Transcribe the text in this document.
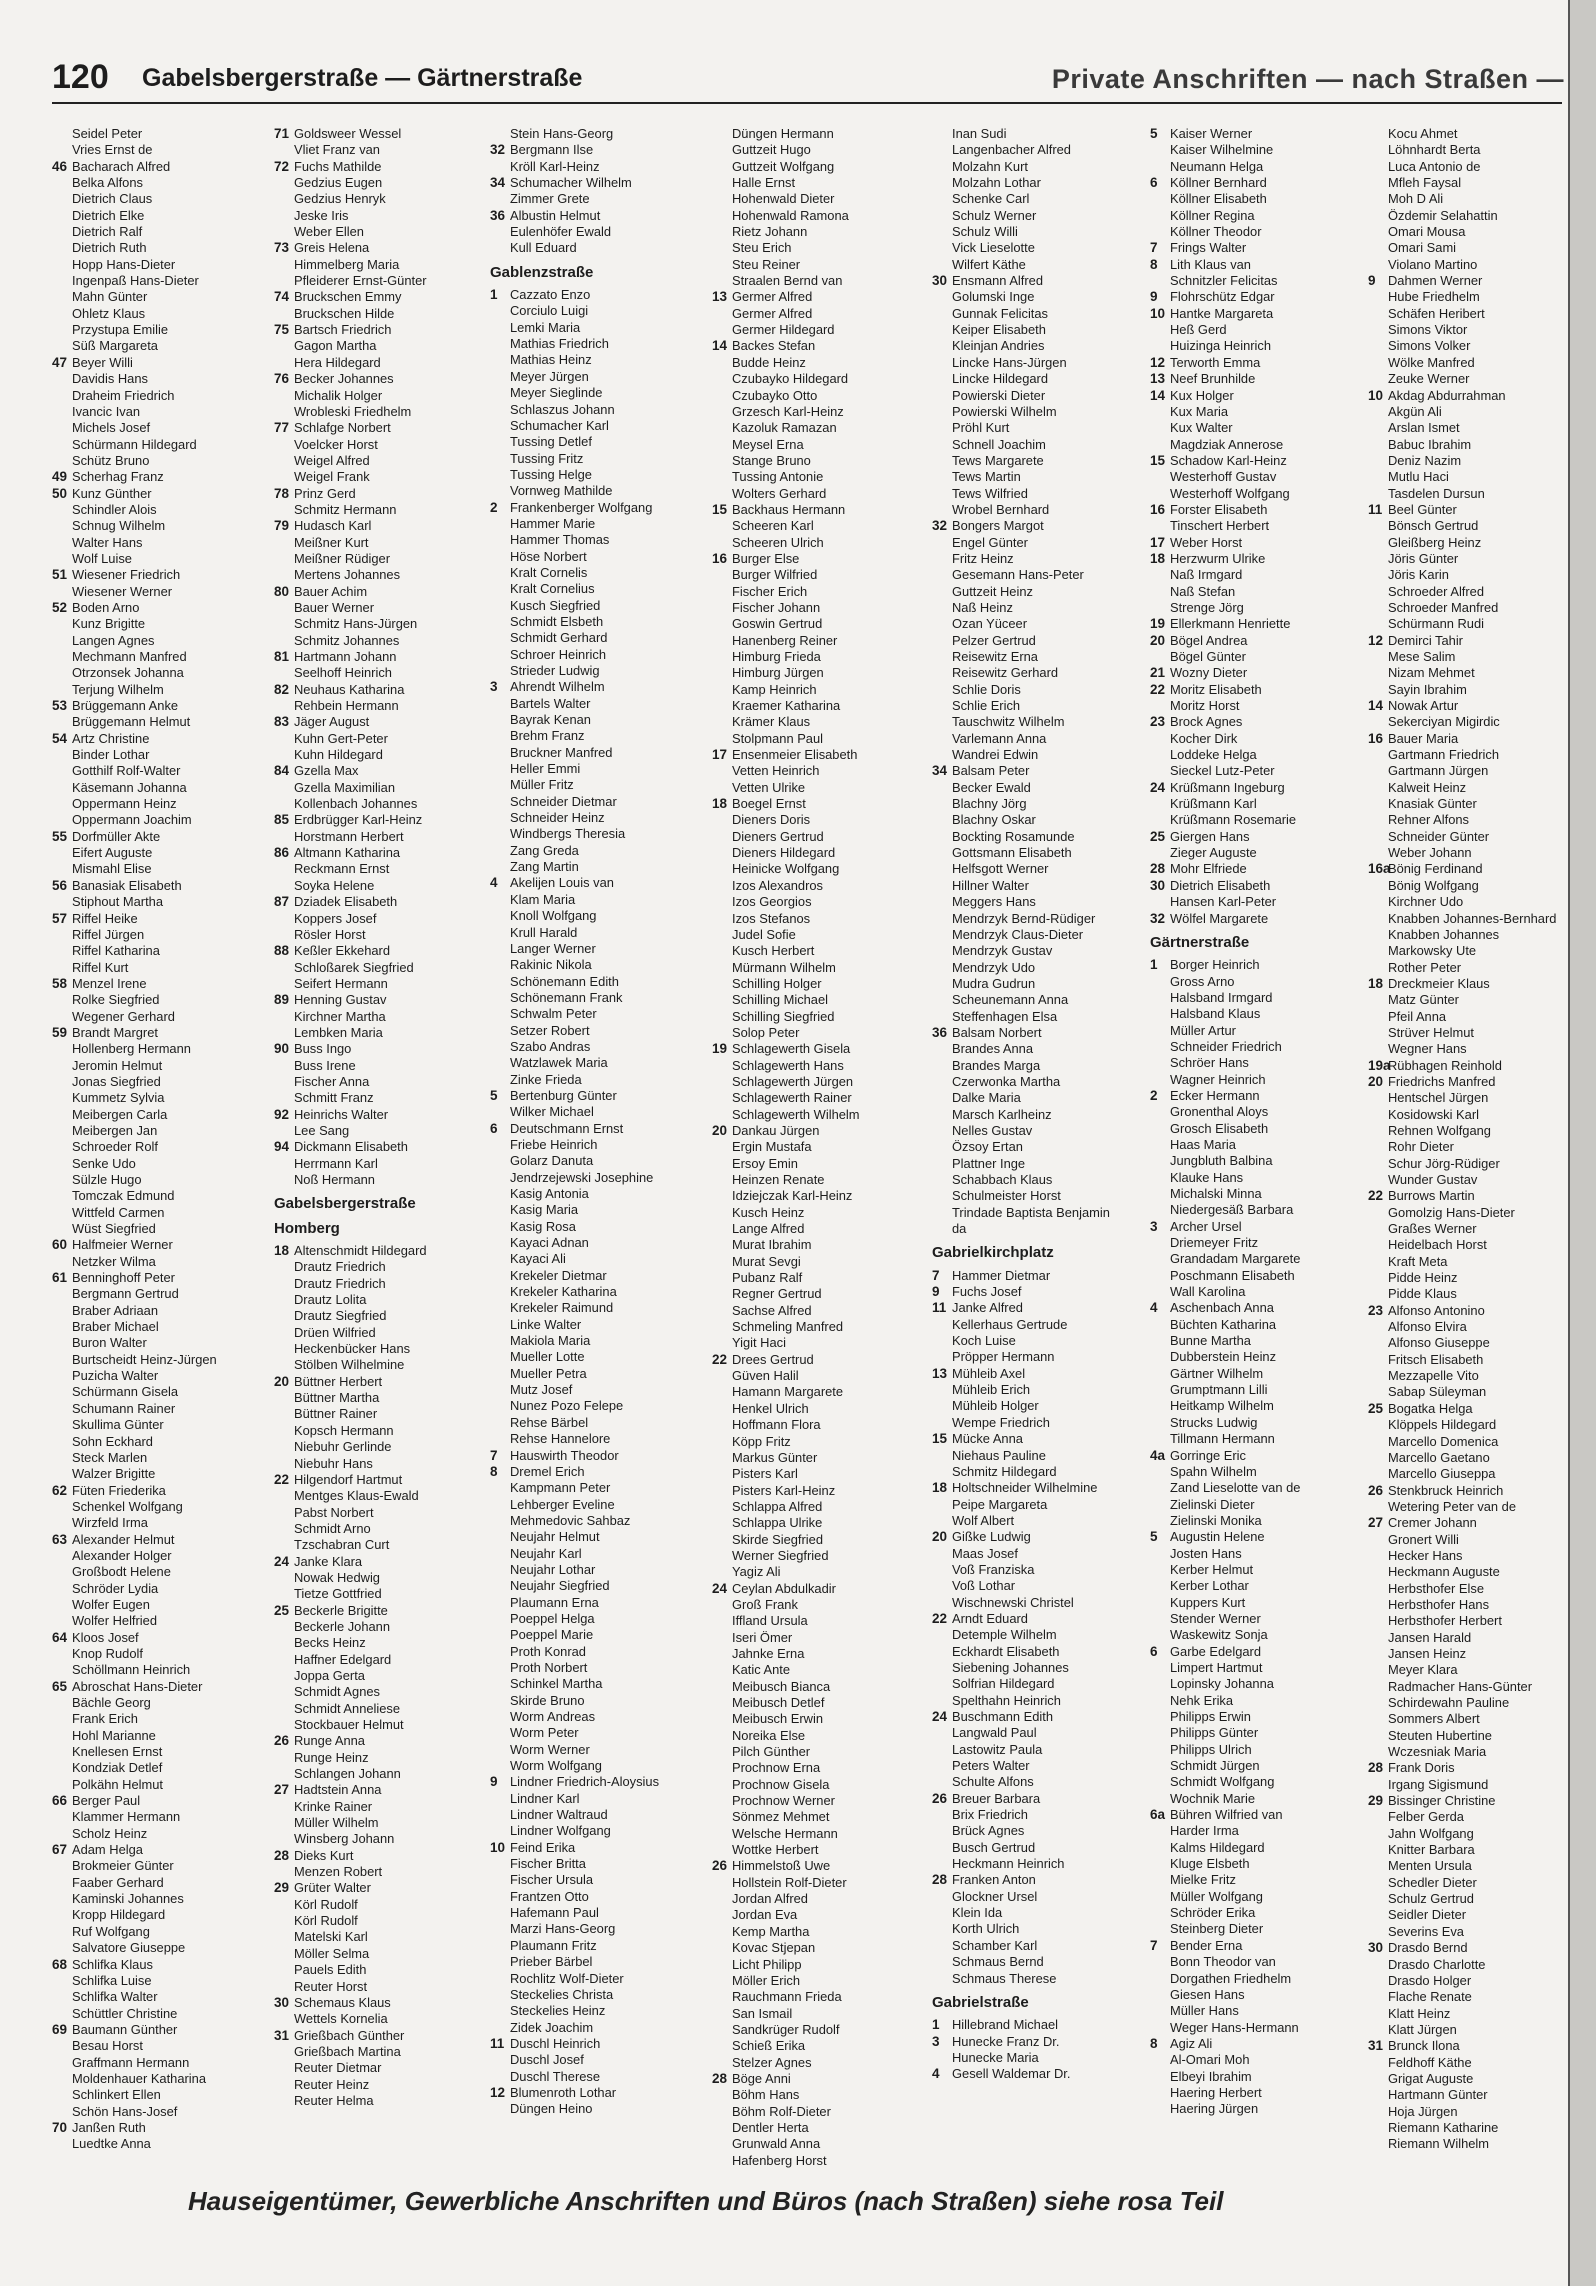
120 Gabelsbergerstraße — Gärtnerstraße	Private Anschriften — nach Straßen —
Seidel Peter
Vries Ernst de
46 Bacharach Alfred
Belka Alfons
Dietrich Claus
Dietrich Elke
Dietrich Ralf
Dietrich Ruth
Hopp Hans-Dieter
Ingenpaß Hans-Dieter
Mahn Günter
Ohletz Klaus
Przystupa Emilie
Süß Margareta
47 Beyer Willi
Davidis Hans
Draheim Friedrich
Ivancic Ivan
Michels Josef
Schürmann Hildegard
Schütz Bruno
49 Scherhag Franz
50 Kunz Günther
Schindler Alois
Schnug Wilhelm
Walter Hans
Wolf Luise
51 Wiesener Friedrich
Wiesener Werner
52 Boden Arno
Kunz Brigitte
Langen Agnes
Mechmann Manfred
Otrzonsek Johanna
Terjung Wilhelm
53 Brüggemann Anke
Brüggemann Helmut
54 Artz Christine
Binder Lothar
Gotthilf Rolf-Walter
Käsemann Johanna
Oppermann Heinz
Oppermann Joachim
55 Dorfmüller Akte
Eifert Auguste
Mismahl Elise
56 Banasiak Elisabeth
Stiphout Martha
57 Riffel Heike
Riffel Jürgen
Riffel Katharina
Riffel Kurt
58 Menzel Irene
Rolke Siegfried
Wegener Gerhard
59 Brandt Margret
Hollenberg Hermann
Jeromin Helmut
Jonas Siegfried
Kummetz Sylvia
Meibergen Carla
Meibergen Jan
Schroeder Rolf
Senke Udo
Sülzle Hugo
Tomczak Edmund
Wittfeld Carmen
Wüst Siegfried
60 Halfmeier Werner
Netzker Wilma
61 Benninghoff Peter
Bergmann Gertrud
Braber Adriaan
Braber Michael
Buron Walter
Burtscheidt Heinz-Jürgen
Puzicha Walter
Schürmann Gisela
Schumann Rainer
Skullima Günter
Sohn Eckhard
Steck Marlen
Walzer Brigitte
62 Füten Friederika
Schenkel Wolfgang
Wirzfeld Irma
63 Alexander Helmut
Alexander Holger
Großbodt Helene
Schröder Lydia
Wolfer Eugen
Wolfer Helfried
64 Kloos Josef
Knop Rudolf
Schöllmann Heinrich
65 Abroschat Hans-Dieter
Bächle Georg
Frank Erich
Hohl Marianne
Knellesen Ernst
Kondziak Detlef
Polkähn Helmut
66 Berger Paul
Klammer Hermann
Scholz Heinz
67 Adam Helga
Brokmeier Günter
Faaber Gerhard
Kaminski Johannes
Kropp Hildegard
Ruf Wolfgang
Salvatore Giuseppe
68 Schlifka Klaus
Schlifka Luise
Schlifka Walter
Schüttler Christine
69 Baumann Günther
Besau Horst
Graffmann Hermann
Moldenhauer Katharina
Schlinkert Ellen
Schön Hans-Josef
70 Janßen Ruth
Luedtke Anna
71 Goldsweer Wessel
Vliet Franz van
72 Fuchs Mathilde
Gedzius Eugen
Gedzius Henryk
Jeske Iris
Weber Ellen
73 Greis Helena
Himmelberg Maria
Pfleiderer Ernst-Günter
74 Bruckschen Emmy
Bruckschen Hilde
75 Bartsch Friedrich
Gagon Martha
Hera Hildegard
76 Becker Johannes
Michalik Holger
Wrobleski Friedhelm
77 Schlafge Norbert
Voelcker Horst
Weigel Alfred
Weigel Frank
78 Prinz Gerd
Schmitz Hermann
79 Hudasch Karl
Meißner Kurt
Meißner Rüdiger
Mertens Johannes
80 Bauer Achim
Bauer Werner
Schmitz Hans-Jürgen
Schmitz Johannes
81 Hartmann Johann
Seelhoff Heinrich
82 Neuhaus Katharina
Rehbein Hermann
83 Jäger August
Kuhn Gert-Peter
Kuhn Hildegard
84 Gzella Max
Gzella Maximilian
Kollenbach Johannes
85 Erdbrügger Karl-Heinz
Horstmann Herbert
86 Altmann Katharina
Reckmann Ernst
Soyka Helene
87 Dziadek Elisabeth
Koppers Josef
Rösler Horst
88 Keßler Ekkehard
Schloßarek Siegfried
Seifert Hermann
89 Henning Gustav
Kirchner Martha
Lembken Maria
90 Buss Ingo
Buss Irene
Fischer Anna
Schmitt Franz
92 Heinrichs Walter
Lee Sang
94 Dickmann Elisabeth
Herrmann Karl
Noß Hermann
Gabelsbergerstraße
Homberg
18 Altenschmidt Hildegard
Drautz Friedrich
Drautz Friedrich
Drautz Lolita
Drautz Siegfried
Drüen Wilfried
Heckenbücker Hans
Stölben Wilhelmine
20 Büttner Herbert
Büttner Martha
Büttner Rainer
Kopsch Hermann
Niebuhr Gerlinde
Niebuhr Hans
22 Hilgendorf Hartmut
Mentges Klaus-Ewald
Pabst Norbert
Schmidt Arno
Tzschabran Curt
24 Janke Klara
Nowak Hedwig
Tietze Gottfried
25 Beckerle Brigitte
Beckerle Johann
Becks Heinz
Haffner Edelgard
Joppa Gerta
Schmidt Agnes
Schmidt Anneliese
Stockbauer Helmut
26 Runge Anna
Runge Heinz
Schlangen Johann
27 Hadtstein Anna
Krinke Rainer
Müller Wilhelm
Winsberg Johann
28 Dieks Kurt
Menzen Robert
29 Grüter Walter
Körl Rudolf
Körl Rudolf
Matelski Karl
Möller Selma
Pauels Edith
Reuter Horst
30 Schemaus Klaus
Wettels Kornelia
31 Grießbach Günther
Grießbach Martina
Reuter Dietmar
Reuter Heinz
Reuter Helma
Stein Hans-Georg
32 Bergmann Ilse
Kröll Karl-Heinz
34 Schumacher Wilhelm
Zimmer Grete
36 Albustin Helmut
Eulenhöfer Ewald
Kull Eduard
Gablenzstraße
1 Cazzato Enzo
Corciulo Luigi
Lemki Maria
Mathias Friedrich
Mathias Heinz
Meyer Jürgen
Meyer Sieglinde
Schlaszus Johann
Schumacher Karl
Tussing Detlef
Tussing Fritz
Tussing Helge
Vornweg Mathilde
2 Frankenberger Wolfgang
Hammer Marie
Hammer Thomas
Höse Norbert
Kralt Cornelis
Kralt Cornelius
Kusch Siegfried
Schmidt Elsbeth
Schmidt Gerhard
Schroer Heinrich
Strieder Ludwig
3 Ahrendt Wilhelm
Bartels Walter
Bayrak Kenan
Brehm Franz
Bruckner Manfred
Heller Emmi
Müller Fritz
Schneider Dietmar
Schneider Heinz
Windbergs Theresia
Zang Greda
Zang Martin
4 Akelijen Louis van
Klam Maria
Knoll Wolfgang
Krull Harald
Langer Werner
Rakinic Nikola
Schönemann Edith
Schönemann Frank
Schwalm Peter
Setzer Robert
Szabo Andras
Watzlawek Maria
Zinke Frieda
5 Bertenburg Günter
Wilker Michael
6 Deutschmann Ernst
Friebe Heinrich
Golarz Danuta
Jendrzejewski Josephine
Kasig Antonia
Kasig Maria
Kasig Rosa
Kayaci Adnan
Kayaci Ali
Krekeler Dietmar
Krekeler Katharina
Krekeler Raimund
Linke Walter
Makiola Maria
Mueller Lotte
Mueller Petra
Mutz Josef
Nunez Pozo Felepe
Rehse Bärbel
Rehse Hannelore
7 Hauswirth Theodor
8 Dremel Erich
Kampmann Peter
Lehberger Eveline
Mehmedovic Sahbaz
Neujahr Helmut
Neujahr Karl
Neujahr Lothar
Neujahr Siegfried
Plaumann Erna
Poeppel Helga
Poeppel Marie
Proth Konrad
Proth Norbert
Schinkel Martha
Skirde Bruno
Worm Andreas
Worm Peter
Worm Werner
Worm Wolfgang
9 Lindner Friedrich-Aloysius
Lindner Karl
Lindner Waltraud
Lindner Wolfgang
10 Feind Erika
Fischer Britta
Fischer Ursula
Frantzen Otto
Hafemann Paul
Marzi Hans-Georg
Plaumann Fritz
Prieber Bärbel
Rochlitz Wolf-Dieter
Steckelies Christa
Steckelies Heinz
Zidek Joachim
11 Duschl Heinrich
Duschl Josef
Duschl Therese
12 Blumenroth Lothar
Düngen Heino
Düngen Hermann
Guttzeit Hugo
Guttzeit Wolfgang
Halle Ernst
Hohenwald Dieter
Hohenwald Ramona
Rietz Johann
Steu Erich
Steu Reiner
Straalen Bernd van
13 Germer Alfred
Germer Alfred
Germer Hildegard
14 Backes Stefan
Budde Heinz
Czubayko Hildegard
Czubayko Otto
Grzesch Karl-Heinz
Kazoluk Ramazan
Meysel Erna
Stange Bruno
Tussing Antonie
Wolters Gerhard
15 Backhaus Hermann
Scheeren Karl
Scheeren Ulrich
16 Burger Else
Burger Wilfried
Fischer Erich
Fischer Johann
Goswin Gertrud
Hanenberg Reiner
Himburg Frieda
Himburg Jürgen
Kamp Heinrich
Kraemer Katharina
Krämer Klaus
Stolpmann Paul
17 Ensenmeier Elisabeth
Vetten Heinrich
Vetten Ulrike
18 Boegel Ernst
Dieners Doris
Dieners Gertrud
Dieners Hildegard
Heinicke Wolfgang
Izos Alexandros
Izos Georgios
Izos Stefanos
Judel Sofie
Kusch Herbert
Mürmann Wilhelm
Schilling Holger
Schilling Michael
Schilling Siegfried
Solop Peter
19 Schlagewerth Gisela
Schlagewerth Hans
Schlagewerth Jürgen
Schlagewerth Rainer
Schlagewerth Wilhelm
20 Dankau Jürgen
Ergin Mustafa
Ersoy Emin
Heinzen Renate
Idziejczak Karl-Heinz
Kusch Heinz
Lange Alfred
Murat Ibrahim
Murat Sevgi
Pubanz Ralf
Regner Gertrud
Sachse Alfred
Schmeling Manfred
Yigit Haci
22 Drees Gertrud
Güven Halil
Hamann Margarete
Henkel Ulrich
Hoffmann Flora
Köpp Fritz
Markus Günter
Pisters Karl
Pisters Karl-Heinz
Schlappa Alfred
Schlappa Ulrike
Skirde Siegfried
Werner Siegfried
Yagiz Ali
24 Ceylan Abdulkadir
Groß Frank
Iffland Ursula
Iseri Ömer
Jahnke Erna
Katic Ante
Meibusch Bianca
Meibusch Detlef
Meibusch Erwin
Noreika Else
Pilch Günther
Prochnow Erna
Prochnow Gisela
Prochnow Werner
Sönmez Mehmet
Welsche Hermann
Wottke Herbert
26 Himmelstoß Uwe
Hollstein Rolf-Dieter
Jordan Alfred
Jordan Eva
Kemp Martha
Kovac Stjepan
Licht Philipp
Möller Erich
Rauchmann Frieda
San Ismail
Sandkrüger Rudolf
Schieß Erika
Stelzer Agnes
28 Böge Anni
Böhm Hans
Böhm Rolf-Dieter
Dentler Herta
Grunwald Anna
Hafenberg Horst
Inan Sudi
Langenbacher Alfred
Molzahn Kurt
Molzahn Lothar
Schenke Carl
Schulz Werner
Schulz Willi
Vick Lieselotte
Wilfert Käthe
30 Ensmann Alfred
Golumski Inge
Gunnak Felicitas
Keiper Elisabeth
Kleinjan Andries
Lincke Hans-Jürgen
Lincke Hildegard
Powierski Dieter
Powierski Wilhelm
Pröhl Kurt
Schnell Joachim
Tews Margarete
Tews Martin
Tews Wilfried
Wrobel Bernhard
32 Bongers Margot
Engel Günter
Fritz Heinz
Gesemann Hans-Peter
Guttzeit Heinz
Naß Heinz
Ozan Yüceer
Pelzer Gertrud
Reisewitz Erna
Reisewitz Gerhard
Schlie Doris
Schlie Erich
Tauschwitz Wilhelm
Varlemann Anna
Wandrei Edwin
34 Balsam Peter
Becker Ewald
Blachny Jörg
Blachny Oskar
Bockting Rosamunde
Gottsmann Elisabeth
Helfsgott Werner
Hillner Walter
Meggers Hans
Mendrzyk Bernd-Rüdiger
Mendrzyk Claus-Dieter
Mendrzyk Gustav
Mendrzyk Udo
Mudra Gudrun
Scheunemann Anna
Steffenhagen Elsa
36 Balsam Norbert
Brandes Anna
Brandes Marga
Czerwonka Martha
Dalke Maria
Marsch Karlheinz
Nelles Gustav
Özsoy Ertan
Plattner Inge
Schabbach Klaus
Schulmeister Horst
Trindade Baptista Benjamin
da
Gabrielkirchplatz
7 Hammer Dietmar
9 Fuchs Josef
11 Janke Alfred
Kellerhaus Gertrude
Koch Luise
Pröpper Hermann
13 Mühleib Axel
Mühleib Erich
Mühleib Holger
Wempe Friedrich
15 Mücke Anna
Niehaus Pauline
Schmitz Hildegard
18 Holtschneider Wilhelmine
Peipe Margareta
Wolf Albert
20 Gißke Ludwig
Maas Josef
Voß Franziska
Voß Lothar
Wischnewski Christel
22 Arndt Eduard
Detemple Wilhelm
Eckhardt Elisabeth
Siebening Johannes
Solfrian Hildegard
Spelthahn Heinrich
24 Buschmann Edith
Langwald Paul
Lastowitz Paula
Peters Walter
Schulte Alfons
26 Breuer Barbara
Brix Friedrich
Brück Agnes
Busch Gertrud
Heckmann Heinrich
28 Franken Anton
Glockner Ursel
Klein Ida
Korth Ulrich
Schamber Karl
Schmaus Bernd
Schmaus Therese
Gabrielstraße
1 Hillebrand Michael
3 Hunecke Franz Dr.
Hunecke Maria
4 Gesell Waldemar Dr.
5 Kaiser Werner
Kaiser Wilhelmine
Neumann Helga
6 Köllner Bernhard
Köllner Elisabeth
Köllner Regina
Köllner Theodor
7 Frings Walter
8 Lith Klaus van
Schnitzler Felicitas
9 Flohrschütz Edgar
10 Hantke Margareta
Heß Gerd
Huizinga Heinrich
12 Terworth Emma
13 Neef Brunhilde
14 Kux Holger
Kux Maria
Kux Walter
Magdziak Annerose
15 Schadow Karl-Heinz
Westerhoff Gustav
Westerhoff Wolfgang
16 Forster Elisabeth
Tinschert Herbert
17 Weber Horst
18 Herzwurm Ulrike
Naß Irmgard
Naß Stefan
Strenge Jörg
19 Ellerkmann Henriette
20 Bögel Andrea
Bögel Günter
21 Wozny Dieter
22 Moritz Elisabeth
Moritz Horst
23 Brock Agnes
Kocher Dirk
Loddeke Helga
Sieckel Lutz-Peter
24 Krüßmann Ingeburg
Krüßmann Karl
Krüßmann Rosemarie
25 Giergen Hans
Zieger Auguste
28 Mohr Elfriede
30 Dietrich Elisabeth
Hansen Karl-Peter
32 Wölfel Margarete
Gärtnerstraße
1 Borger Heinrich
Gross Arno
Halsband Irmgard
Halsband Klaus
Müller Artur
Schneider Friedrich
Schröer Hans
Wagner Heinrich
2 Ecker Hermann
Gronenthal Aloys
Grosch Elisabeth
Haas Maria
Jungbluth Balbina
Klauke Hans
Michalski Minna
Niedergesäß Barbara
3 Archer Ursel
Driemeyer Fritz
Grandadam Margarete
Poschmann Elisabeth
Wall Karolina
4 Aschenbach Anna
Büchten Katharina
Bunne Martha
Dubberstein Heinz
Gärtner Wilhelm
Grumptmann Lilli
Heitkamp Wilhelm
Strucks Ludwig
Tillmann Hermann
4a Gorringe Eric
Spahn Wilhelm
Zand Lieselotte van de
Zielinski Dieter
Zielinski Monika
5 Augustin Helene
Josten Hans
Kerber Helmut
Kerber Lothar
Kuppers Kurt
Stender Werner
Waskewitz Sonja
6 Garbe Edelgard
Limpert Hartmut
Lopinsky Johanna
Nehk Erika
Philipps Erwin
Philipps Günter
Philipps Ulrich
Schmidt Jürgen
Schmidt Wolfgang
Wochnik Marie
6a Bühren Wilfried van
Harder Irma
Kalms Hildegard
Kluge Elsbeth
Mielke Fritz
Müller Wolfgang
Schröder Erika
Steinberg Dieter
7 Bender Erna
Bonn Theodor van
Dorgathen Friedhelm
Giesen Hans
Müller Hans
Weger Hans-Hermann
8 Agiz Ali
Al-Omari Moh
Elbeyi Ibrahim
Haering Herbert
Haering Jürgen
Kocu Ahmet
Löhnhardt Berta
Luca Antonio de
Mfleh Faysal
Moh D Ali
Özdemir Selahattin
Omari Mousa
Omari Sami
Violano Martino
9 Dahmen Werner
Hube Friedhelm
Schäfen Heribert
Simons Viktor
Simons Volker
Wölke Manfred
Zeuke Werner
10 Akdag Abdurrahman
Akgün Ali
Arslan Ismet
Babuc Ibrahim
Deniz Nazim
Mutlu Haci
Tasdelen Dursun
11 Beel Günter
Bönsch Gertrud
Gleißberg Heinz
Jöris Günter
Jöris Karin
Schroeder Alfred
Schroeder Manfred
Schürmann Rudi
12 Demirci Tahir
Mese Salim
Nizam Mehmet
Sayin Ibrahim
14 Nowak Artur
Sekerciyan Migirdic
16 Bauer Maria
Gartmann Friedrich
Gartmann Jürgen
Kalweit Heinz
Knasiak Günter
Rehner Alfons
Schneider Günter
Weber Johann
16aBönig Ferdinand
Bönig Wolfgang
Kirchner Udo
Knabben Johannes-Bernhard
Knabben Johannes
Markowsky Ute
Rother Peter
18 Dreckmeier Klaus
Matz Günter
Pfeil Anna
Strüver Helmut
Wegner Hans
19aRübhagen Reinhold
20 Friedrichs Manfred
Hentschel Jürgen
Kosidowski Karl
Rehnen Wolfgang
Rohr Dieter
Schur Jörg-Rüdiger
Wunder Gustav
22 Burrows Martin
Gomolzig Hans-Dieter
Graßes Werner
Heidelbach Horst
Kraft Meta
Pidde Heinz
Pidde Klaus
23 Alfonso Antonino
Alfonso Elvira
Alfonso Giuseppe
Fritsch Elisabeth
Mezzapelle Vito
Sabap Süleyman
25 Bogatka Helga
Klöppels Hildegard
Marcello Domenica
Marcello Gaetano
Marcello Giuseppa
26 Stenkbruck Heinrich
Wetering Peter van de
27 Cremer Johann
Gronert Willi
Hecker Hans
Heckmann Auguste
Herbsthofer Else
Herbsthofer Hans
Herbsthofer Herbert
Jansen Harald
Jansen Heinz
Meyer Klara
Radmacher Hans-Günter
Schirdewahn Pauline
Sommers Albert
Steuten Hubertine
Wczesniak Maria
28 Frank Doris
Irgang Sigismund
29 Bissinger Christine
Felber Gerda
Jahn Wolfgang
Knitter Barbara
Menten Ursula
Schedler Dieter
Schulz Gertrud
Seidler Dieter
Severins Eva
30 Drasdo Bernd
Drasdo Charlotte
Drasdo Holger
Flache Renate
Klatt Heinz
Klatt Jürgen
31 Brunck Ilona
Feldhoff Käthe
Grigat Auguste
Hartmann Günter
Hoja Jürgen
Riemann Katharine
Riemann Wilhelm
Hauseigentümer, Gewerbliche Anschriften und Büros (nach Straßen) siehe rosa Teil
